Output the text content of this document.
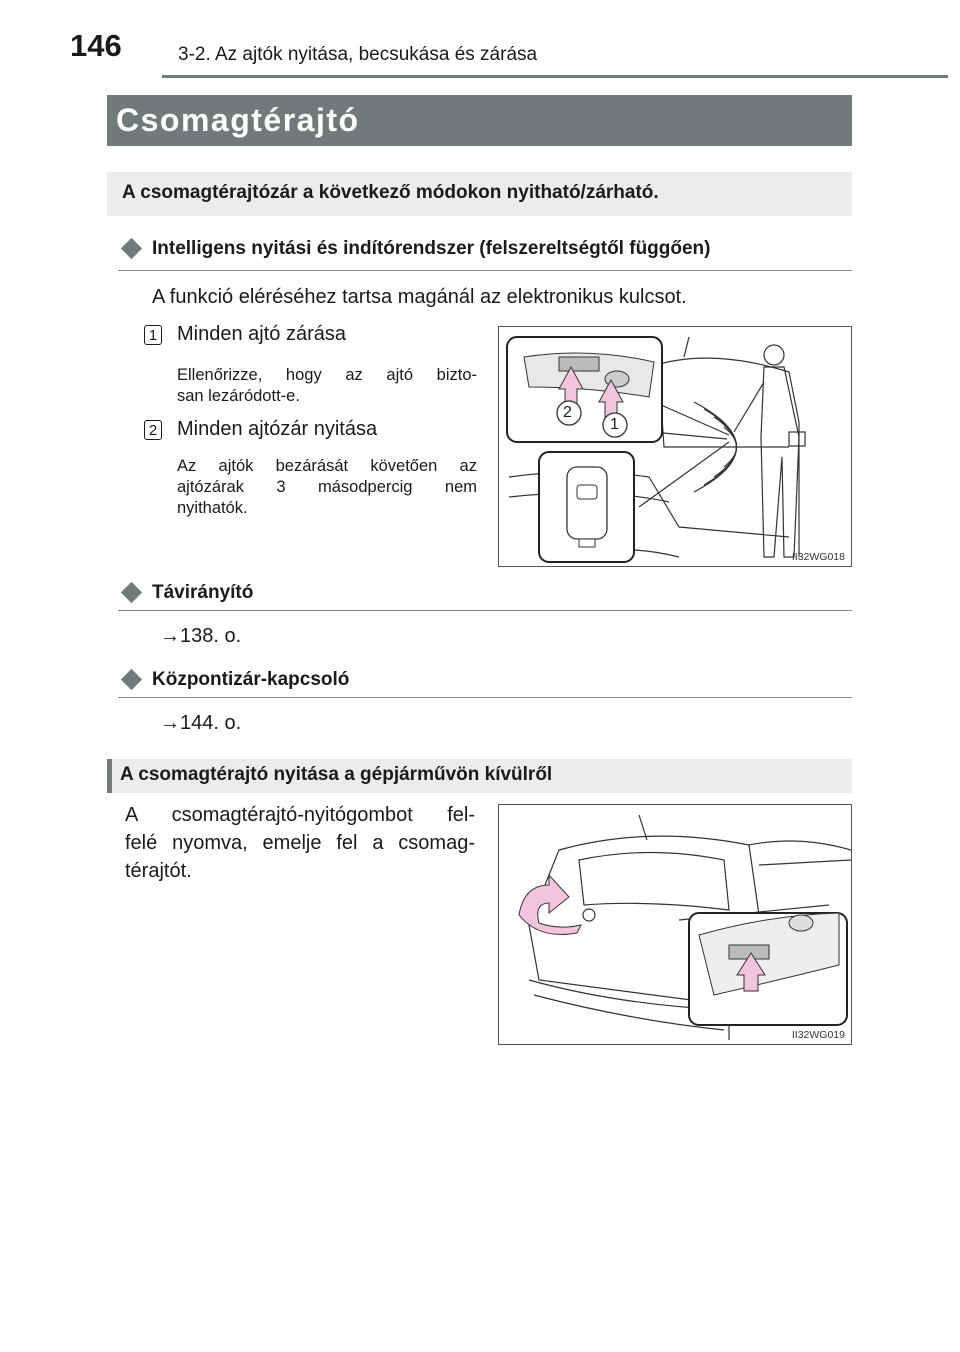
146	3-2. Az ajtók nyitása, becsukása és zárása
Csomagtérajtó
A csomagtérajtózár a következő módokon nyitható/zárható.
Intelligens nyitási és indítórendszer (felszereltségtől függően)
A funkció eléréséhez tartsa magánál az elektronikus kulcsot.
1 Minden ajtó zárása
Ellenőrizze, hogy az ajtó bizto-
san lezáródott-e.
2 Minden ajtózár nyitása
Az ajtók bezárását követően az
ajtózárak 3 másodpercig nem
nyithatók.
2
1
II32WG018
Távirányító
→138. o.
Központizár-kapcsoló
→144. o.
A csomagtérajtó nyitása a gépjárművön kívülről
A csomagtérajtó-nyitógombot fel-
felé nyomva, emelje fel a csomag-
térajtót.
II32WG019
